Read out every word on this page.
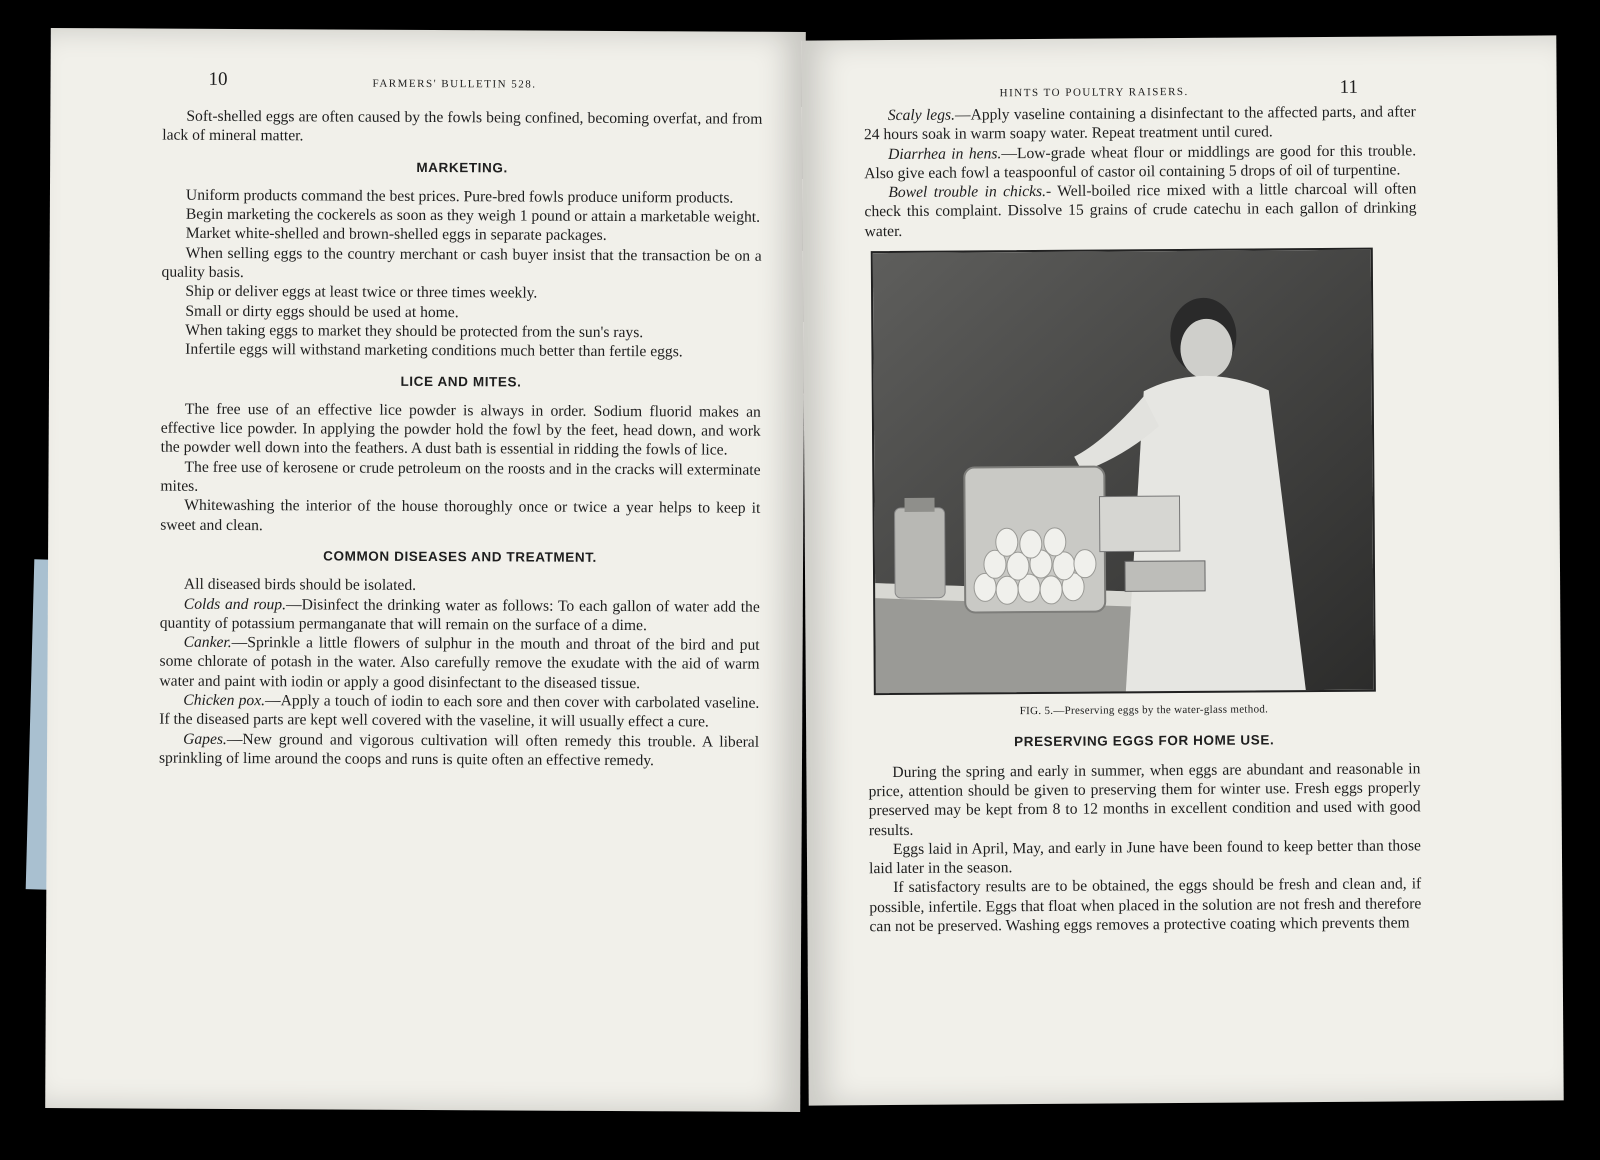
10	FARMERS' BULLETIN 528.

Soft-shelled eggs are often caused by the fowls being confined, becoming overfat, and from lack of mineral matter.

MARKETING.

Uniform products command the best prices. Pure-bred fowls produce uniform products.

Begin marketing the cockerels as soon as they weigh 1 pound or attain a marketable weight.

Market white-shelled and brown-shelled eggs in separate packages.

When selling eggs to the country merchant or cash buyer insist that the transaction be on a quality basis.

Ship or deliver eggs at least twice or three times weekly.

Small or dirty eggs should be used at home.

When taking eggs to market they should be protected from the sun's rays.

Infertile eggs will withstand marketing conditions much better than fertile eggs.

LICE AND MITES.

The free use of an effective lice powder is always in order. Sodium fluorid makes an effective lice powder. In applying the powder hold the fowl by the feet, head down, and work the powder well down into the feathers. A dust bath is essential in ridding the fowls of lice.

The free use of kerosene or crude petroleum on the roosts and in the cracks will exterminate mites.

Whitewashing the interior of the house thoroughly once or twice a year helps to keep it sweet and clean.

COMMON DISEASES AND TREATMENT.

All diseased birds should be isolated.

Colds and roup.—Disinfect the drinking water as follows: To each gallon of water add the quantity of potassium permanganate that will remain on the surface of a dime.

Canker.—Sprinkle a little flowers of sulphur in the mouth and throat of the bird and put some chlorate of potash in the water. Also carefully remove the exudate with the aid of warm water and paint with iodin or apply a good disinfectant to the diseased tissue.

Chicken pox.—Apply a touch of iodin to each sore and then cover with carbolated vaseline. If the diseased parts are kept well covered with the vaseline, it will usually effect a cure.

Gapes.—New ground and vigorous cultivation will often remedy this trouble. A liberal sprinkling of lime around the coops and runs is quite often an effective remedy.

HINTS TO POULTRY RAISERS.	11

Scaly legs.—Apply vaseline containing a disinfectant to the affected parts, and after 24 hours soak in warm soapy water. Repeat treatment until cured.

Diarrhea in hens.—Low-grade wheat flour or middlings are good for this trouble. Also give each fowl a teaspoonful of castor oil containing 5 drops of oil of turpentine.

Bowel trouble in chicks.- Well-boiled rice mixed with a little charcoal will often check this complaint. Dissolve 15 grains of crude catechu in each gallon of drinking water.

FIG. 5.—Preserving eggs by the water-glass method.
PRESERVING EGGS FOR HOME USE.

During the spring and early in summer, when eggs are abundant and reasonable in price, attention should be given to preserving them for winter use. Fresh eggs properly preserved may be kept from 8 to 12 months in excellent condition and used with good results.

Eggs laid in April, May, and early in June have been found to keep better than those laid later in the season.

If satisfactory results are to be obtained, the eggs should be fresh and clean and, if possible, infertile. Eggs that float when placed in the solution are not fresh and therefore can not be preserved. Washing eggs removes a protective coating which prevents them
